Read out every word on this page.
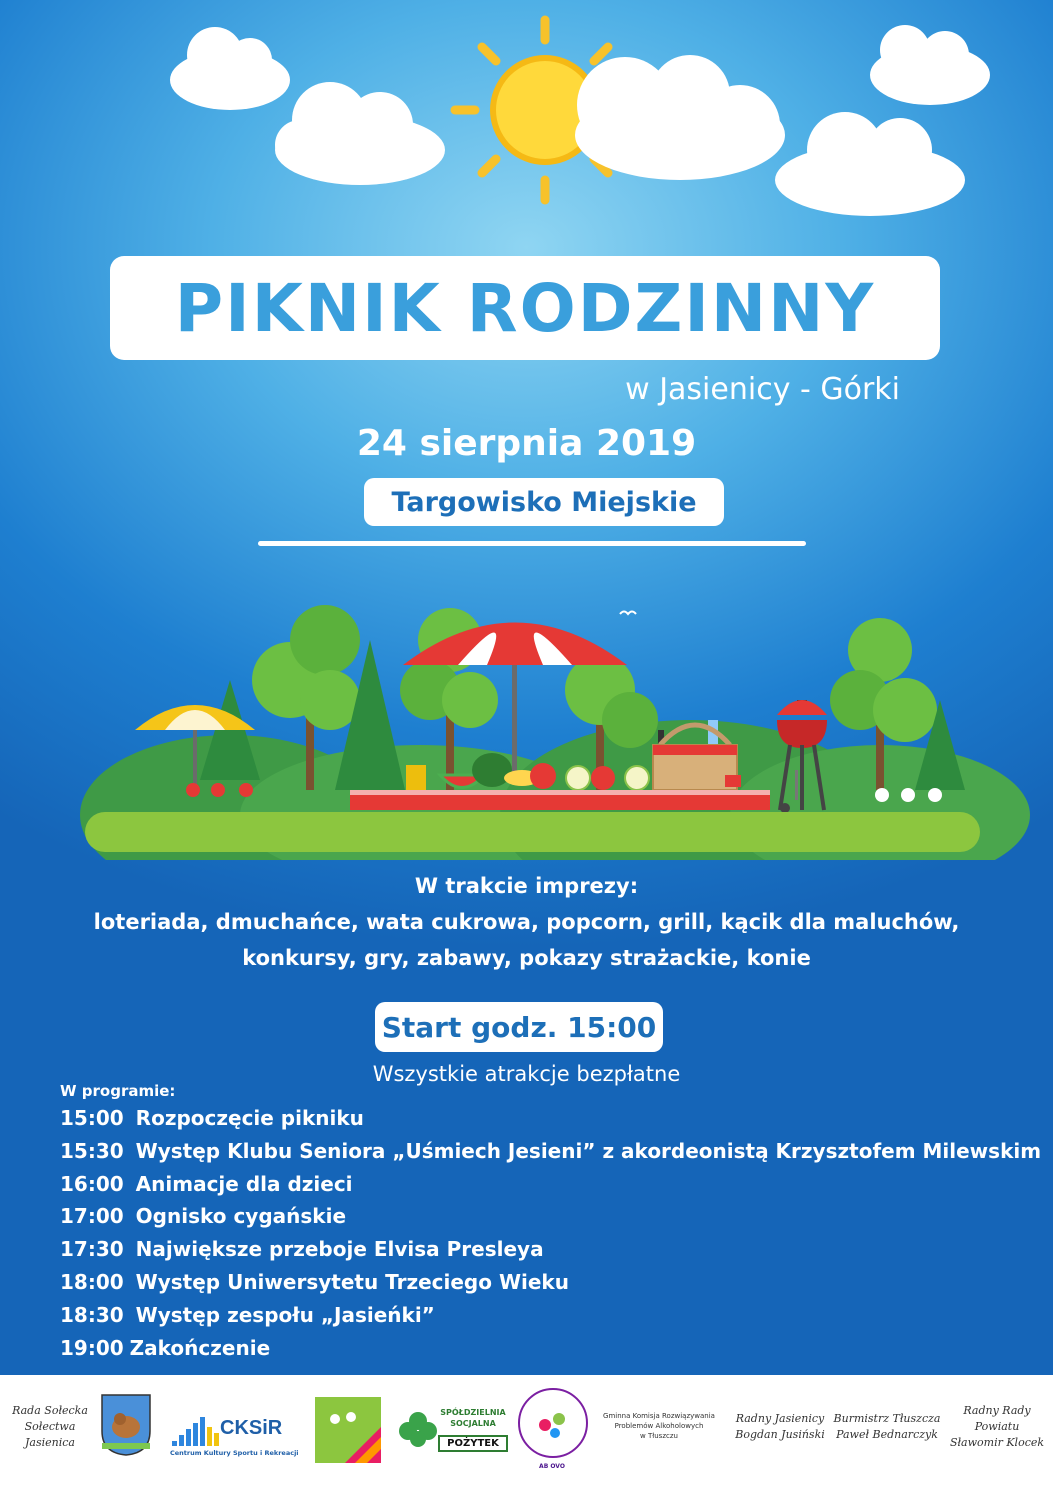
PIKNIK RODZINNY
w Jasienicy - Górki
24 sierpnia 2019
Targowisko Miejskie
W trakcie imprezy:
loteriada, dmuchańce, wata cukrowa, popcorn, grill, kącik dla maluchów,
konkursy, gry, zabawy, pokazy strażackie, konie
Start godz. 15:00
Wszystkie atrakcje bezpłatne
W programie:
15:00 Rozpoczęcie pikniku
15:30 Występ Klubu Seniora „Uśmiech Jesieni” z akordeonistą Krzysztofem Milewskim
16:00 Animacje dla dzieci
17:00 Ognisko cygańskie
17:30 Największe przeboje Elvisa Presleya
18:00 Występ Uniwersytetu Trzeciego Wieku
18:30 Występ zespołu „Jasieńki”
19:00 Zakończenie
Rada Sołecka
Sołectwa
Jasienica
CKSiR
Centrum Kultury Sportu i Rekreacji
SPÓŁDZIELNIA
SOCJALNA
POŻYTEK
AB OVO
Gminna Komisja Rozwiązywania
Problemów Alkoholowych
w Tłuszczu
Radny Jasienicy
Bogdan Jusiński
Burmistrz Tłuszcza
Paweł Bednarczyk
Radny Rady
Powiatu
Sławomir Klocek
